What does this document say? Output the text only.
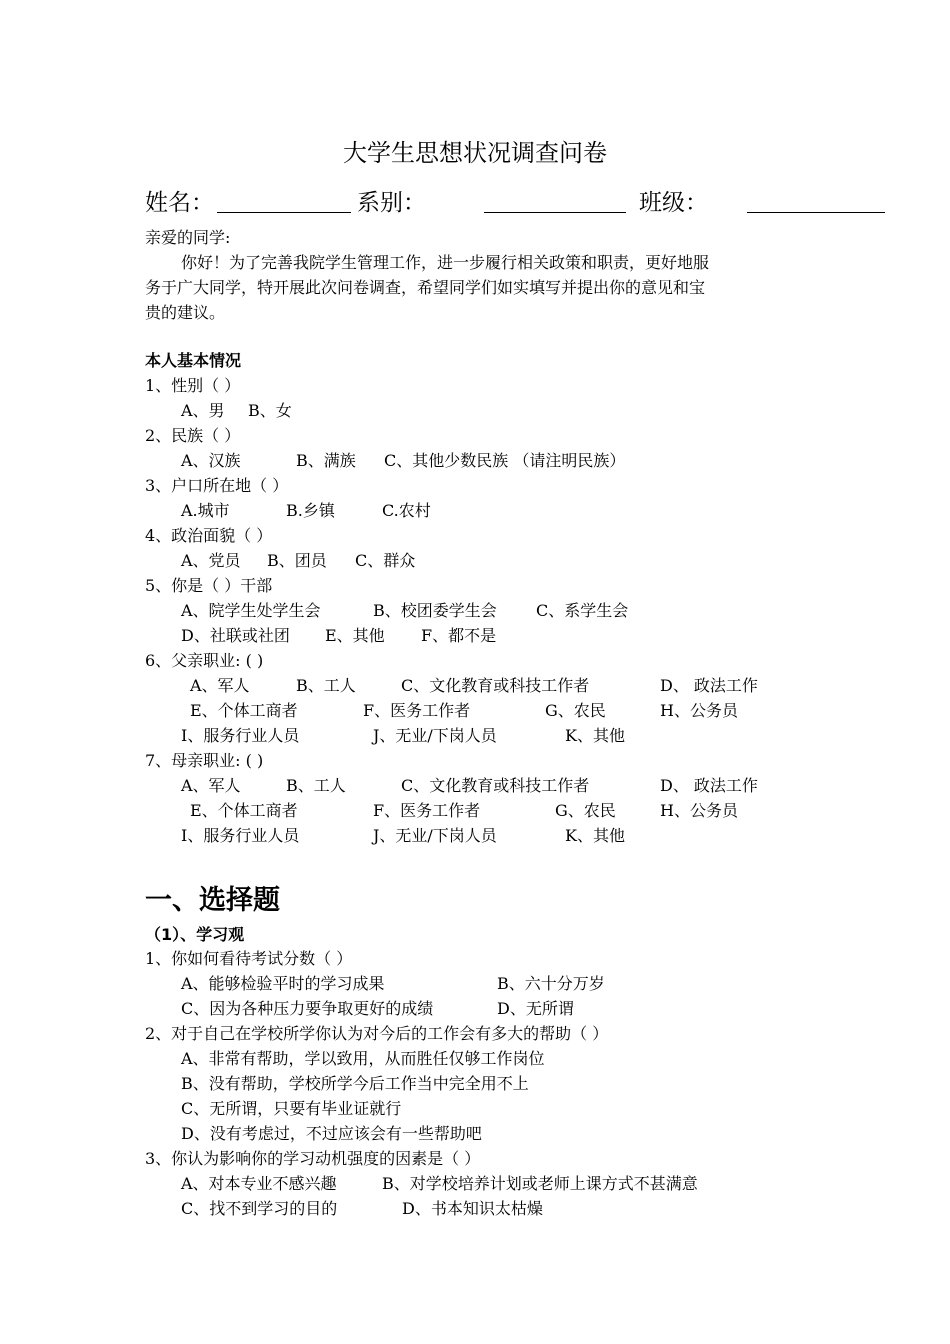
大学生思想状况调查问卷
姓名：	系别：	班级：
亲爱的同学:
你好！为了完善我院学生管理工作，进一步履行相关政策和职责，更好地服
务于广大同学，特开展此次问卷调查，希望同学们如实填写并提出你的意见和宝
贵的建议。
本人基本情况
1、性别（ ）
A、男 B、女
2、民族（ ）
A、汉族	B、满族 C、其他少数民族 （请注明民族）
3、户口所在地（ ）
A.城市	B.乡镇	C.农村
4、政治面貌（ ）
A、党员 B、团员 C、群众
5、你是（ ）干部
A、院学生处学生会	B、校团委学生会 C、系学生会
D、社联或社团 E、其他 F、都不是
6、父亲职业: ( )
A、军人	B、工人	C、文化教育或科技工作者	D、 政法工作
E、个体工商者	F、医务工作者	G、农民	H、公务员
I、服务行业人员	J、无业/下岗人员	K、其他
7、母亲职业: ( )
A、军人	B、工人	C、文化教育或科技工作者	D、 政法工作
E、个体工商者	F、医务工作者	G、农民	H、公务员
I、服务行业人员	J、无业/下岗人员	K、其他
一、选择题
（1）、学习观
1、你如何看待考试分数（ ）
A、能够检验平时的学习成果	B、六十分万岁
C、因为各种压力要争取更好的成绩	D、无所谓
2、对于自己在学校所学你认为对今后的工作会有多大的帮助（ ）
A、非常有帮助，学以致用，从而胜任仅够工作岗位
B、没有帮助，学校所学今后工作当中完全用不上
C、无所谓，只要有毕业证就行
D、没有考虑过，不过应该会有一些帮助吧
3、你认为影响你的学习动机强度的因素是（ ）
A、对本专业不感兴趣	B、对学校培养计划或老师上课方式不甚满意
C、找不到学习的目的	D、书本知识太枯燥
